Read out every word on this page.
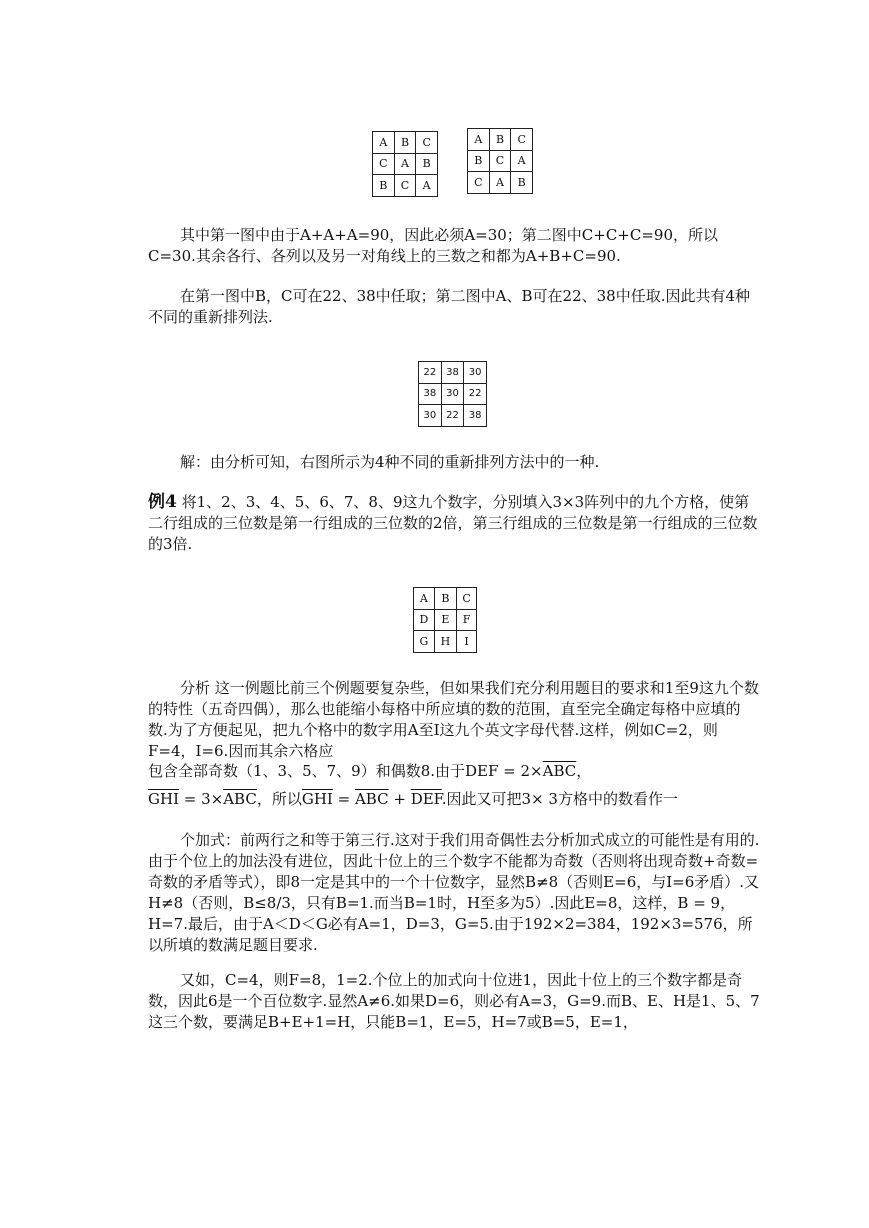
A	B	C
C	A	B
B	C	A
A	B	C
B	C	A
C	A	B

其中第一图中由于A+A+A=90，因此必须A=30；第二图中C+C+C=90，所以C=30.其余各行、各列以及另一对角线上的三数之和都为A+B+C=90.

在第一图中B，C可在22、38中任取；第二图中A、B可在22、38中任取.因此共有4种不同的重新排列法.

22	38	30
38	30	22
30	22	38

解：由分析可知，右图所示为4种不同的重新排列方法中的一种.

例4 将1、2、3、4、5、6、7、8、9这九个数字，分别填入3×3阵列中的九个方格，使第二行组成的三位数是第一行组成的三位数的2倍，第三行组成的三位数是第一行组成的三位数的3倍.

A	B	C
D	E	F
G	H	I

分析 这一例题比前三个例题要复杂些，但如果我们充分利用题目的要求和1至9这九个数的特性（五奇四偶），那么也能缩小每格中所应填的数的范围，直至完全确定每格中应填的数.为了方便起见，把九个格中的数字用A至I这九个英文字母代替.这样，例如C=2，则F=4，I=6.因而其余六格应

包含全部奇数（1、3、5、7、9）和偶数8.由于DEF = $2\times\overline{ABC}$，

$\overline{GHI} = 3\times\overline{ABC}$，所以$\overline{GHI} = \overline{ABC} + \overline{DEF}$.因此又可把3× 3方格中的数看作一

个加式：前两行之和等于第三行.这对于我们用奇偶性去分析加式成立的可能性是有用的.由于个位上的加法没有进位，因此十位上的三个数字不能都为奇数（否则将出现奇数+奇数=奇数的矛盾等式），即8一定是其中的一个十位数字，显然B≠8（否则E=6，与I=6矛盾）.又H≠8（否则，B≤8/3，只有B=1.而当B=1时，H至多为5）.因此E=8，这样，B = 9，H=7.最后，由于A＜D＜G必有A=1，D=3，G=5.由于192×2=384，192×3=576，所以所填的数满足题目要求.

又如，C=4，则F=8，1=2.个位上的加式向十位进1，因此十位上的三个数字都是奇数，因此6是一个百位数字.显然A≠6.如果D=6，则必有A=3，G=9.而B、E、H是1、5、7这三个数，要满足B+E+1=H，只能B=1，E=5，H=7或B=5，E=1，
